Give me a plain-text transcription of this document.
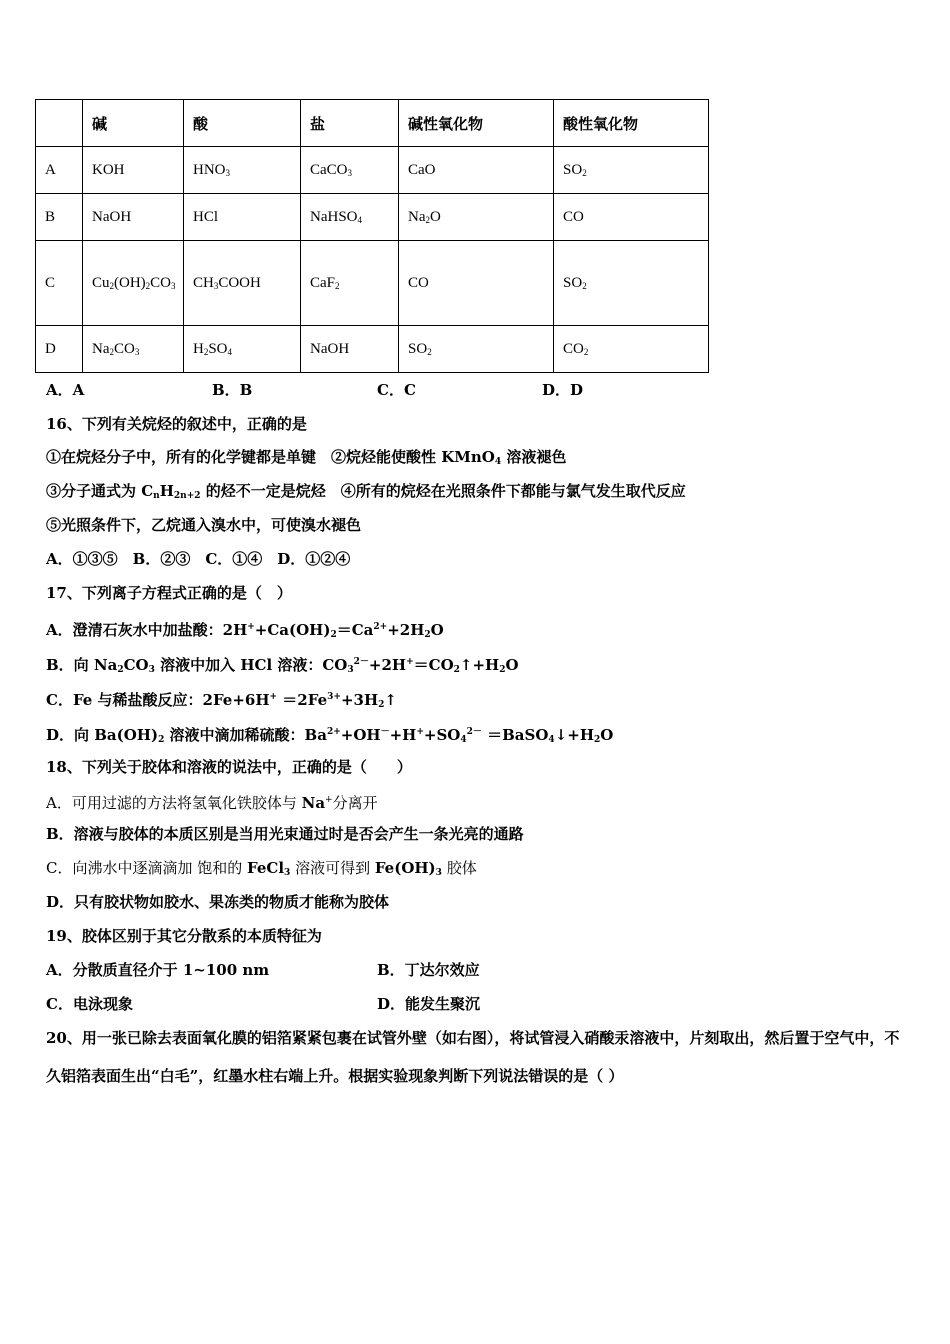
	碱	酸	盐	碱性氧化物	酸性氧化物
A	KOH	$HNO_3$	CaCO$_3$	CaO	$SO_2$
B	NaOH	HCl	NaHSO$_4$	$Na_2O$	CO
C	$Cu_2(OH)_2CO_3$	$CH_3COOH$	CaF$_2$	CO	$SO_2$
D	$Na_2CO_3$	$H_2SO_4$	NaOH	$SO_2$	$CO_2$
A．A	B．B	C．C	D．D
16、下列有关烷烃的叙述中，正确的是
①在烷烃分子中，所有的化学键都是单键　②烷烃能使酸性 KMnO$_4$ 溶液褪色
③分子通式为 $C_nH_{2n+2}$ 的烃不一定是烷烃　④所有的烷烃在光照条件下都能与氯气发生取代反应
⑤光照条件下，乙烷通入溴水中，可使溴水褪色
A．①③⑤　B．②③　C．①④　D．①②④
17、下列离子方程式正确的是（　）
A．澄清石灰水中加盐酸：$2H^++Ca(OH)_2=Ca^{2+}+2H_2O$
B．向 $Na_2CO_3$ 溶液中加入 HCl 溶液：$CO_3^{2-}+2H^+=CO_2↑+H_2O$
C．Fe 与稀盐酸反应：$2Fe+6H^+ =2Fe^{3+}+3H_2↑$
D．向 $Ba(OH)_2$ 溶液中滴加稀硫酸：$Ba^{2+}+OH^-+H^++SO_4^{2-}$ $=BaSO_4↓+H_2O$
18、下列关于胶体和溶液的说法中，正确的是（　　）
A．可用过滤的方法将氢氧化铁胶体与 Na+分离开
B．溶液与胶体的本质区别是当用光束通过时是否会产生一条光亮的通路
C．向沸水中逐滴滴加 饱和的 FeCl$_3$ 溶液可得到 $Fe(OH)_3$ 胶体
D．只有胶状物如胶水、果冻类的物质才能称为胶体
19、胶体区别于其它分散系的本质特征为
A．分散质直径介于 1~100 nm	B．丁达尔效应
C．电泳现象	D．能发生聚沉
20、用一张已除去表面氧化膜的铝箔紧紧包裹在试管外壁（如右图），将试管浸入硝酸汞溶液中，片刻取出，然后置于空气中，不久铝箔表面生出“白毛”，红墨水柱右端上升。根据实验现象判断下列说法错误的是（ ）
